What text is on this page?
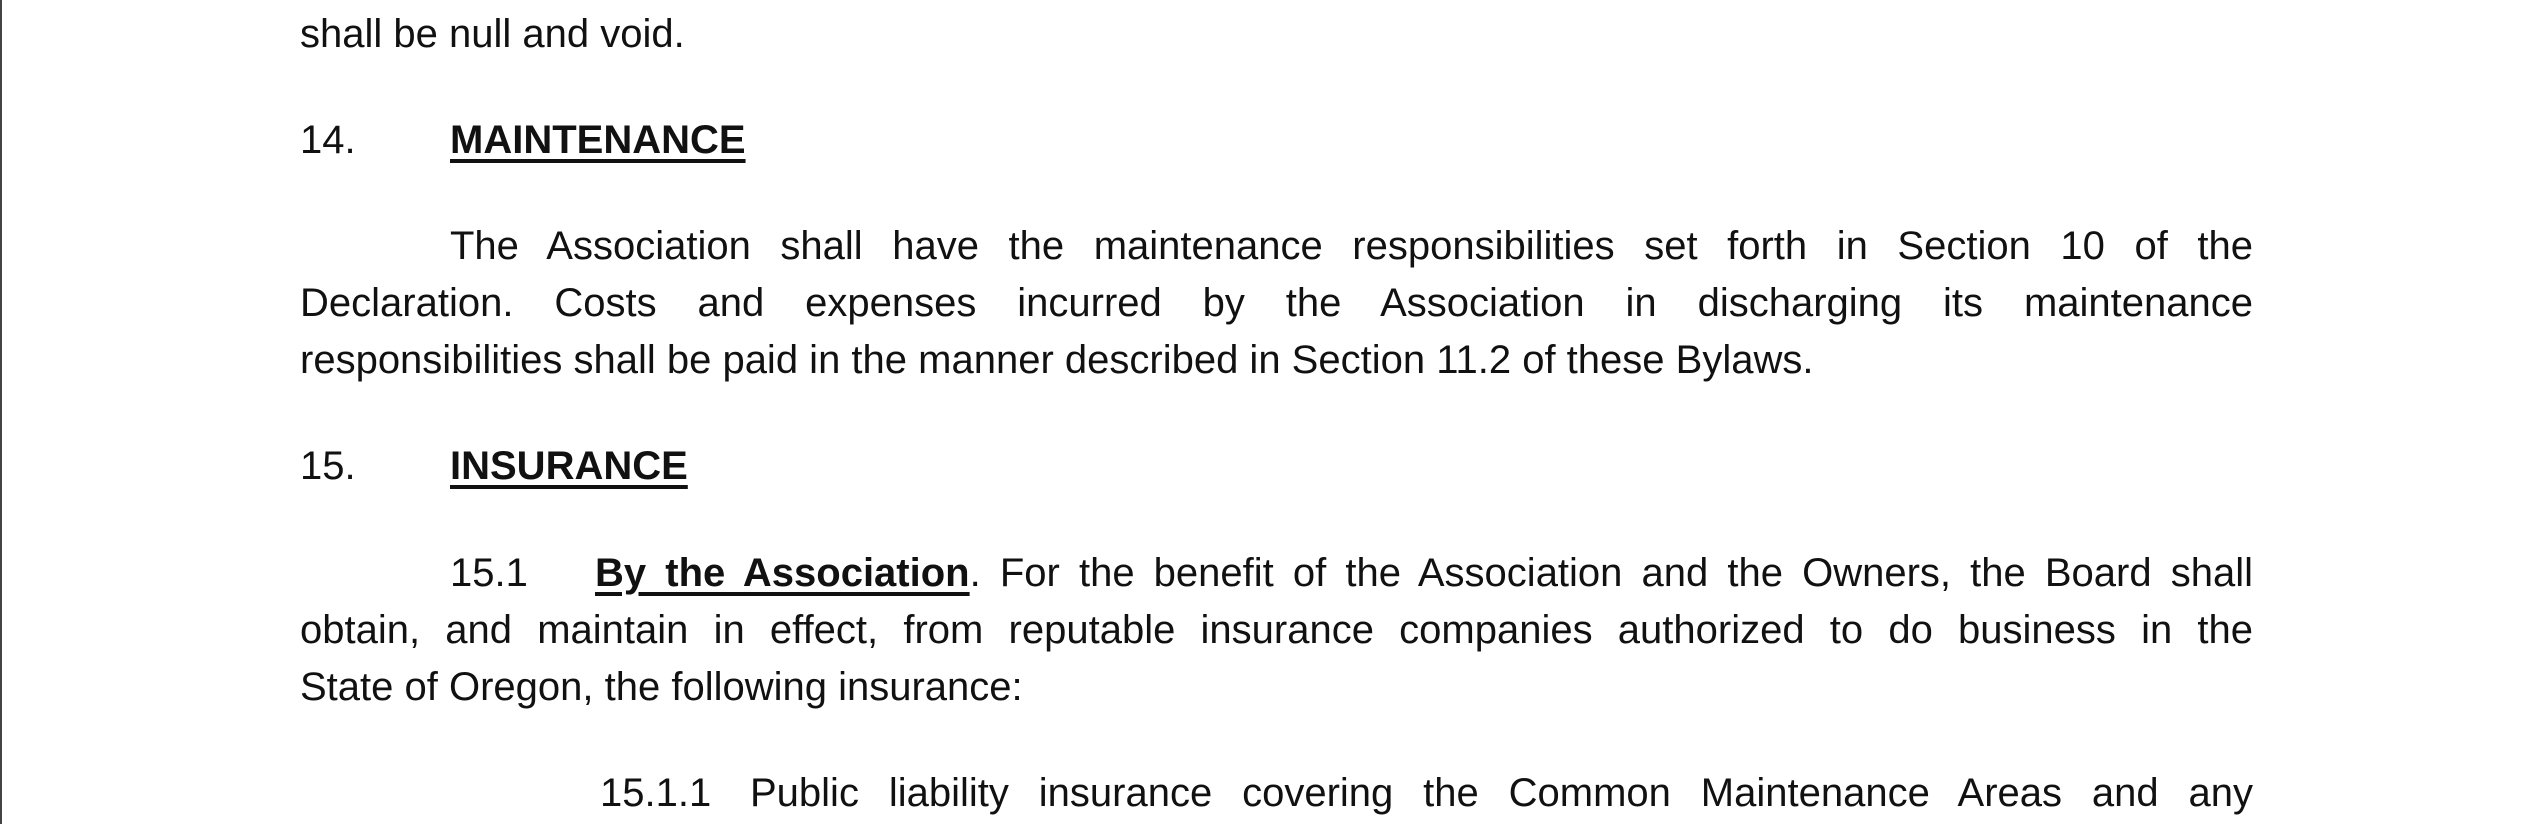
shall be null and void.
14. MAINTENANCE
The Association shall have the maintenance responsibilities set forth in Section 10 of the
Declaration. Costs and expenses incurred by the Association in discharging its maintenance
responsibilities shall be paid in the manner described in Section 11.2 of these Bylaws.
15. INSURANCE
15.1 By the Association. For the benefit of the Association and the Owners, the Board shall
obtain, and maintain in effect, from reputable insurance companies authorized to do business in the
State of Oregon, the following insurance:
15.1.1 Public liability insurance covering the Common Maintenance Areas and any
